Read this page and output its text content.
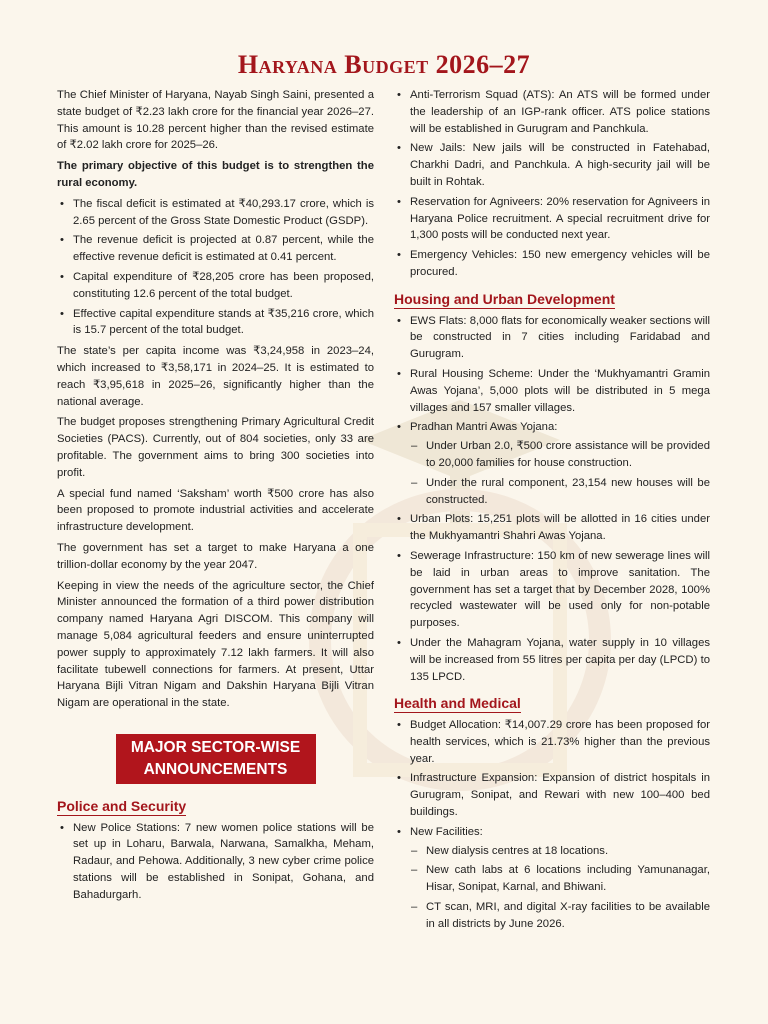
Haryana Budget 2026–27

The Chief Minister of Haryana, Nayab Singh Saini, presented a state budget of ₹2.23 lakh crore for the financial year 2026–27. This amount is 10.28 percent higher than the revised estimate of ₹2.02 lakh crore for 2025–26.

The primary objective of this budget is to strengthen the rural economy.

• The fiscal deficit is estimated at ₹40,293.17 crore, which is 2.65 percent of the Gross State Domestic Product (GSDP).
• The revenue deficit is projected at 0.87 percent, while the effective revenue deficit is estimated at 0.41 percent.
• Capital expenditure of ₹28,205 crore has been proposed, constituting 12.6 percent of the total budget.
• Effective capital expenditure stands at ₹35,216 crore, which is 15.7 percent of the total budget.

The state’s per capita income was ₹3,24,958 in 2023–24, which increased to ₹3,58,171 in 2024–25. It is estimated to reach ₹3,95,618 in 2025–26, significantly higher than the national average.

The budget proposes strengthening Primary Agricultural Credit Societies (PACS). Currently, out of 804 societies, only 33 are profitable. The government aims to bring 300 societies into profit.

A special fund named ‘Saksham’ worth ₹500 crore has also been proposed to promote industrial activities and accelerate infrastructure development.

The government has set a target to make Haryana a one trillion-dollar economy by the year 2047.

Keeping in view the needs of the agriculture sector, the Chief Minister announced the formation of a third power distribution company named Haryana Agri DISCOM. This company will manage 5,084 agricultural feeders and ensure uninterrupted power supply to approximately 7.12 lakh farmers. It will also facilitate tubewell connections for farmers. At present, Uttar Haryana Bijli Vitran Nigam and Dakshin Haryana Bijli Vitran Nigam are operational in the state.

MAJOR SECTOR-WISE
ANNOUNCEMENTS
Police and Security
• New Police Stations: 7 new women police stations will be set up in Loharu, Barwala, Narwana, Samalkha, Meham, Radaur, and Pehowa. Additionally, 3 new cyber crime police stations will be established in Sonipat, Gohana, and Bahadurgarh.
• Anti-Terrorism Squad (ATS): An ATS will be formed under the leadership of an IGP-rank officer. ATS police stations will be established in Gurugram and Panchkula.
• New Jails: New jails will be constructed in Fatehabad, Charkhi Dadri, and Panchkula. A high-security jail will be built in Rohtak.
• Reservation for Agniveers: 20% reservation for Agniveers in Haryana Police recruitment. A special recruitment drive for 1,300 posts will be conducted next year.
• Emergency Vehicles: 150 new emergency vehicles will be procured.
Housing and Urban Development
• EWS Flats: 8,000 flats for economically weaker sections will be constructed in 7 cities including Faridabad and Gurugram.
• Rural Housing Scheme: Under the ‘Mukhyamantri Gramin Awas Yojana’, 5,000 plots will be distributed in 5 mega villages and 157 smaller villages.
• Pradhan Mantri Awas Yojana:
– Under Urban 2.0, ₹500 crore assistance will be provided to 20,000 families for house construction.
– Under the rural component, 23,154 new houses will be constructed.
• Urban Plots: 15,251 plots will be allotted in 16 cities under the Mukhyamantri Shahri Awas Yojana.
• Sewerage Infrastructure: 150 km of new sewerage lines will be laid in urban areas to improve sanitation. The government has set a target that by December 2028, 100% recycled wastewater will be used only for non-potable purposes.
• Under the Mahagram Yojana, water supply in 10 villages will be increased from 55 litres per capita per day (LPCD) to 135 LPCD.
Health and Medical
• Budget Allocation: ₹14,007.29 crore has been proposed for health services, which is 21.73% higher than the previous year.
• Infrastructure Expansion: Expansion of district hospitals in Gurugram, Sonipat, and Rewari with new 100–400 bed buildings.
• New Facilities:
– New dialysis centres at 18 locations.
– New cath labs at 6 locations including Yamunanagar, Hisar, Sonipat, Karnal, and Bhiwani.
– CT scan, MRI, and digital X-ray facilities to be available in all districts by June 2026.
